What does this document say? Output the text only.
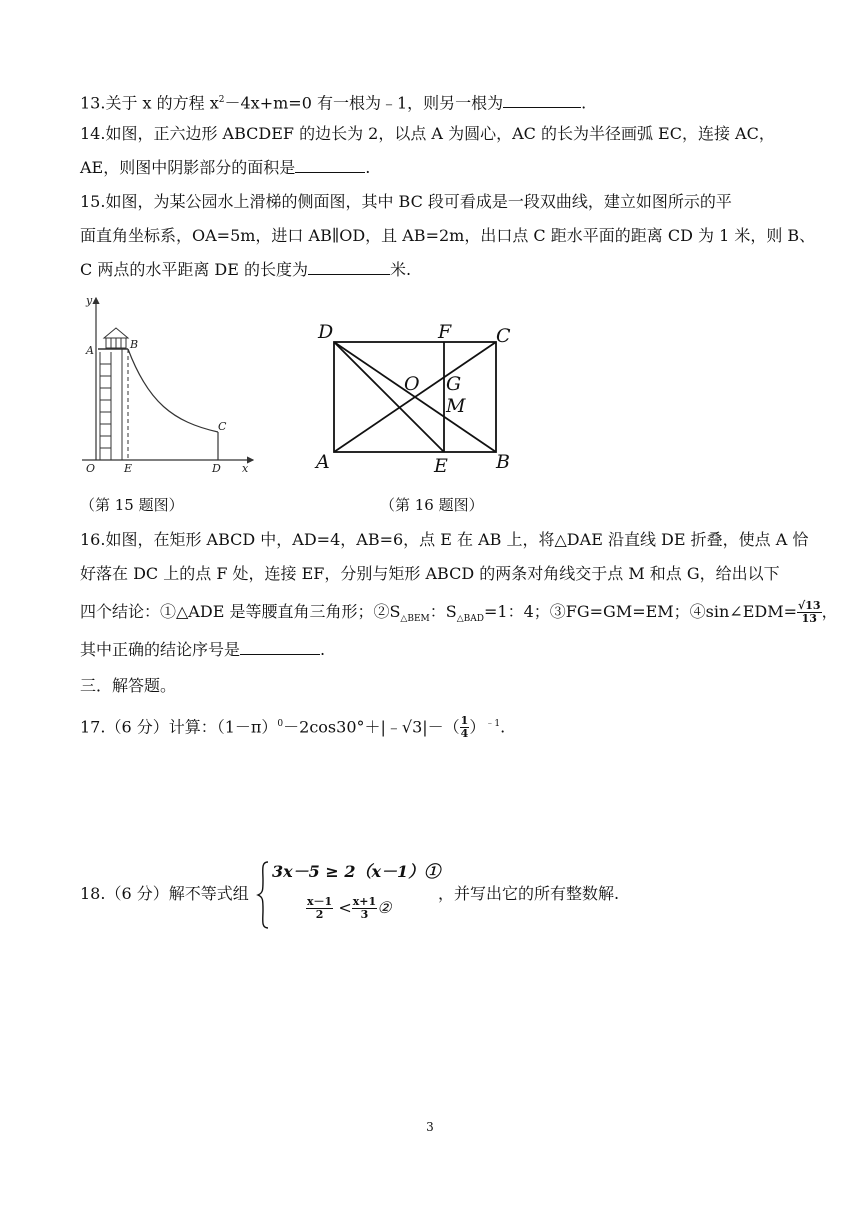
13.关于 x 的方程 $x^2-4x+m=0$ 有一根为﹣1，则另一根为	.
14.如图，正六边形 ABCDEF 的边长为 2，以点 A 为圆心，AC 的长为半径画弧 EC，连接 AC，
AE，则图中阴影部分的面积是	.
15.如图，为某公园水上滑梯的侧面图，其中 BC 段可看成是一段双曲线，建立如图所示的平
面直角坐标系，OA=5m，进口 AB∥OD，且 AB=2m，出口点 C 距水平面的距离 CD 为 1 米，则 B、
C 两点的水平距离 DE 的长度为	米.
y
A	B
C
O	E	D x
D	F C
O G
M
A	E	B
（第 15 题图）	（第 16 题图）
16.如图，在矩形 ABCD 中，AD=4，AB=6，点 E 在 AB 上，将△DAE 沿直线 DE 折叠，使点 A 恰
好落在 DC 上的点 F 处，连接 EF，分别与矩形 ABCD 的两条对角线交于点 M 和点 G，给出以下
四个结论：①△ADE 是等腰直角三角形；$②S_{\triangle BEM}$：$S_{\triangle BAD}=1$：4；③FG=GM=EM；④sin∠EDM= $\frac{√13}{13}$ ，
其中正确的结论序号是	.
三．解答题。
17.（6 分）计算：$(1-\pi)^0-2\cos 30^\circ+|﹣√3|-( \frac{1}{4} )^{﹣1}$.
18.（6 分）解不等式组
3x－5 ≥ 2（x－1）①
$\frac{x-1}{2} < \frac{x+1}{3}$ ②
，并写出它的所有整数解.
3
